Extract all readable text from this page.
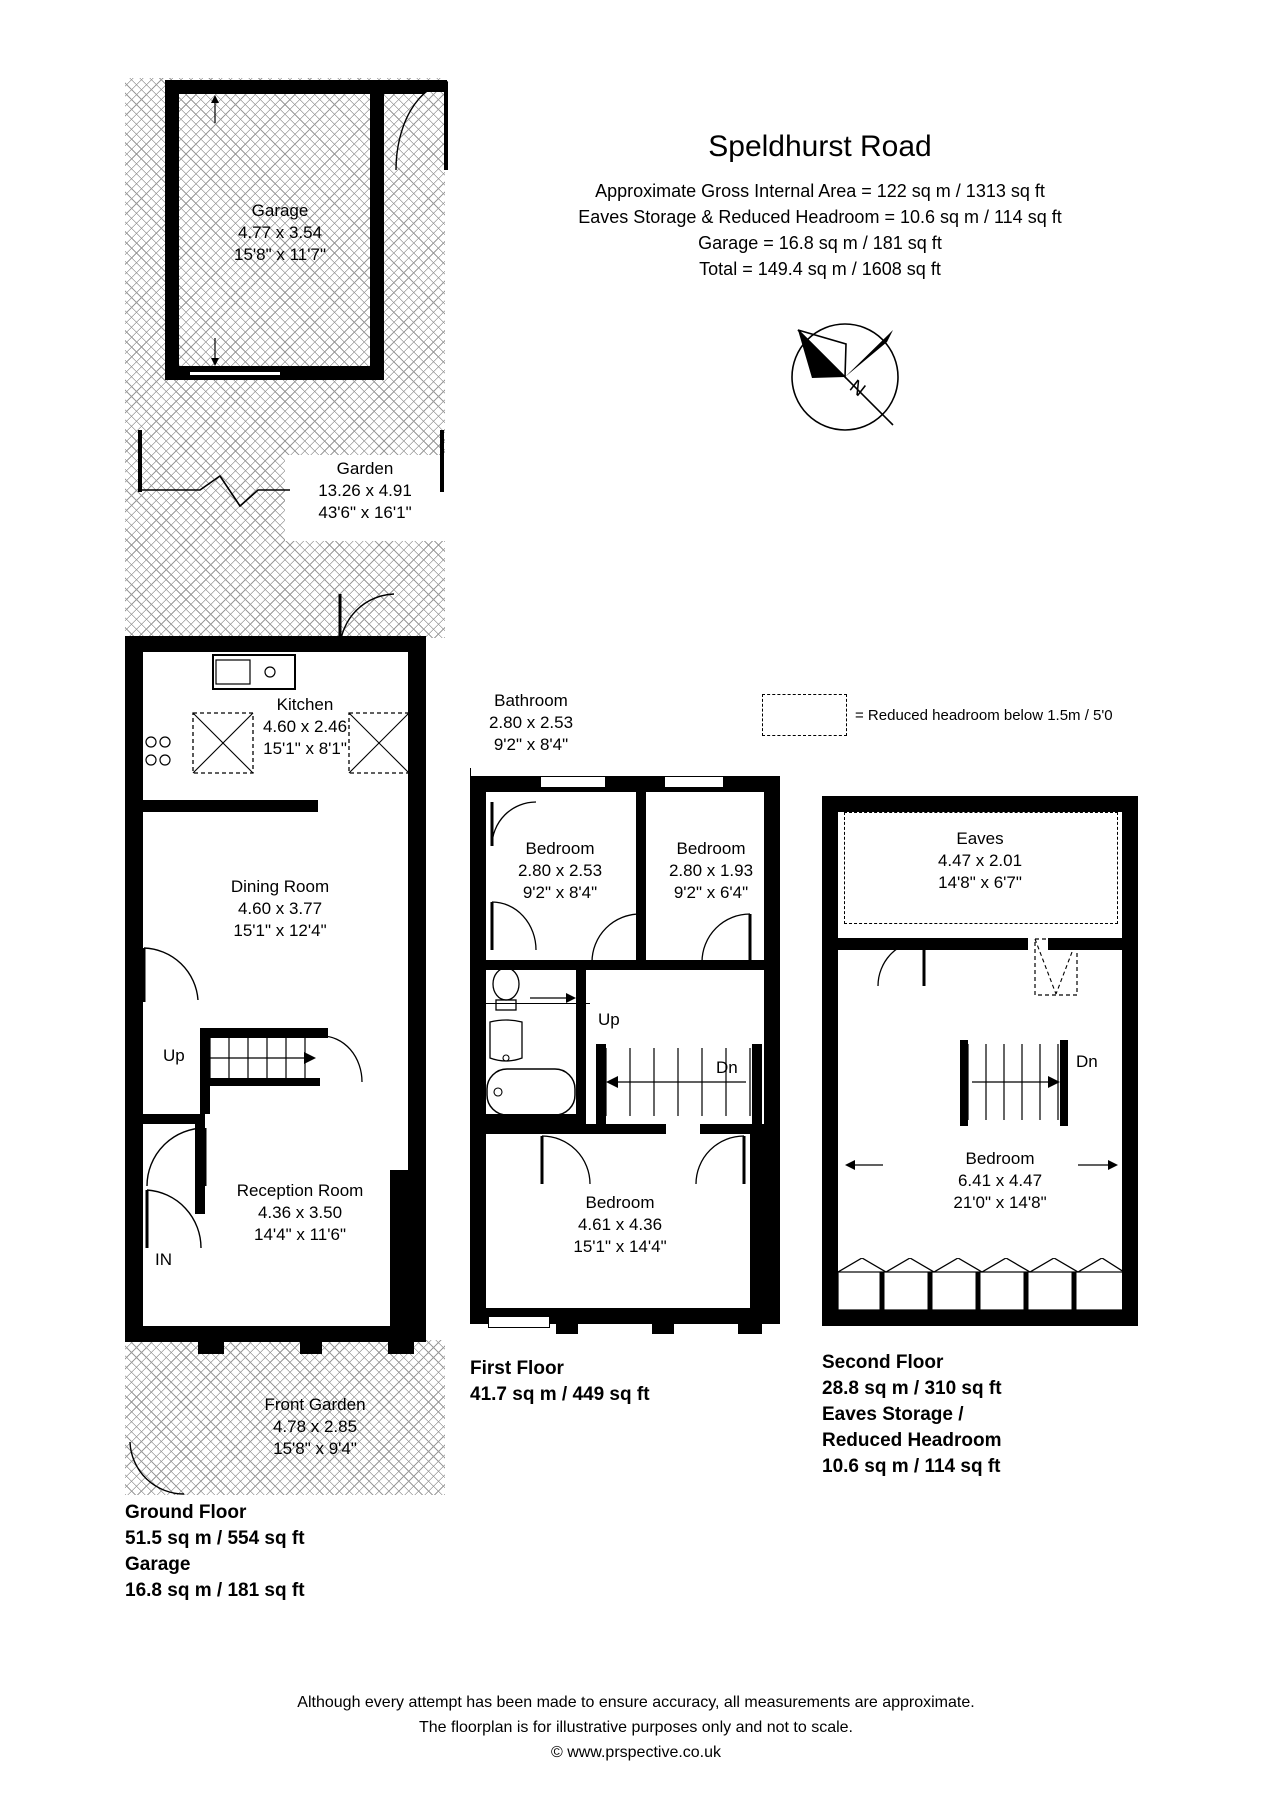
Speldhurst Road
Approximate Gross Internal Area = 122 sq m / 1313 sq ft
Eaves Storage & Reduced Headroom = 10.6 sq m / 114 sq ft
Garage = 16.8 sq m / 181 sq ft
Total = 149.4 sq m / 1608 sq ft
N
= Reduced headroom below 1.5m / 5'0
Garage
4.77 x 3.54
15'8" x 11'7"
Garden
13.26 x 4.91
43'6" x 16'1"
Kitchen
4.60 x 2.46
15'1" x 8'1"
Dining Room
4.60 x 3.77
15'1" x 12'4"
Up
Reception Room
4.36 x 3.50
14'4" x 11'6"
IN
Front Garden
4.78 x 2.85
15'8" x 9'4"
Ground Floor
51.5 sq m / 554 sq ft
Garage
16.8 sq m / 181 sq ft
Bathroom
2.80 x 2.53
9'2" x 8'4"
Bedroom
2.80 x 2.53
9'2" x 8'4"
Bedroom
2.80 x 1.93
9'2" x 6'4"
Up
Dn
Bedroom
4.61 x 4.36
15'1" x 14'4"
First Floor
41.7 sq m / 449 sq ft
Eaves
4.47 x 2.01
14'8" x 6'7"
Dn
Bedroom
6.41 x 4.47
21'0" x 14'8"
Second Floor
28.8 sq m / 310 sq ft
Eaves Storage /
Reduced Headroom
10.6 sq m / 114 sq ft
Although every attempt has been made to ensure accuracy, all measurements are approximate.
The floorplan is for illustrative purposes only and not to scale.
© www.prspective.co.uk
